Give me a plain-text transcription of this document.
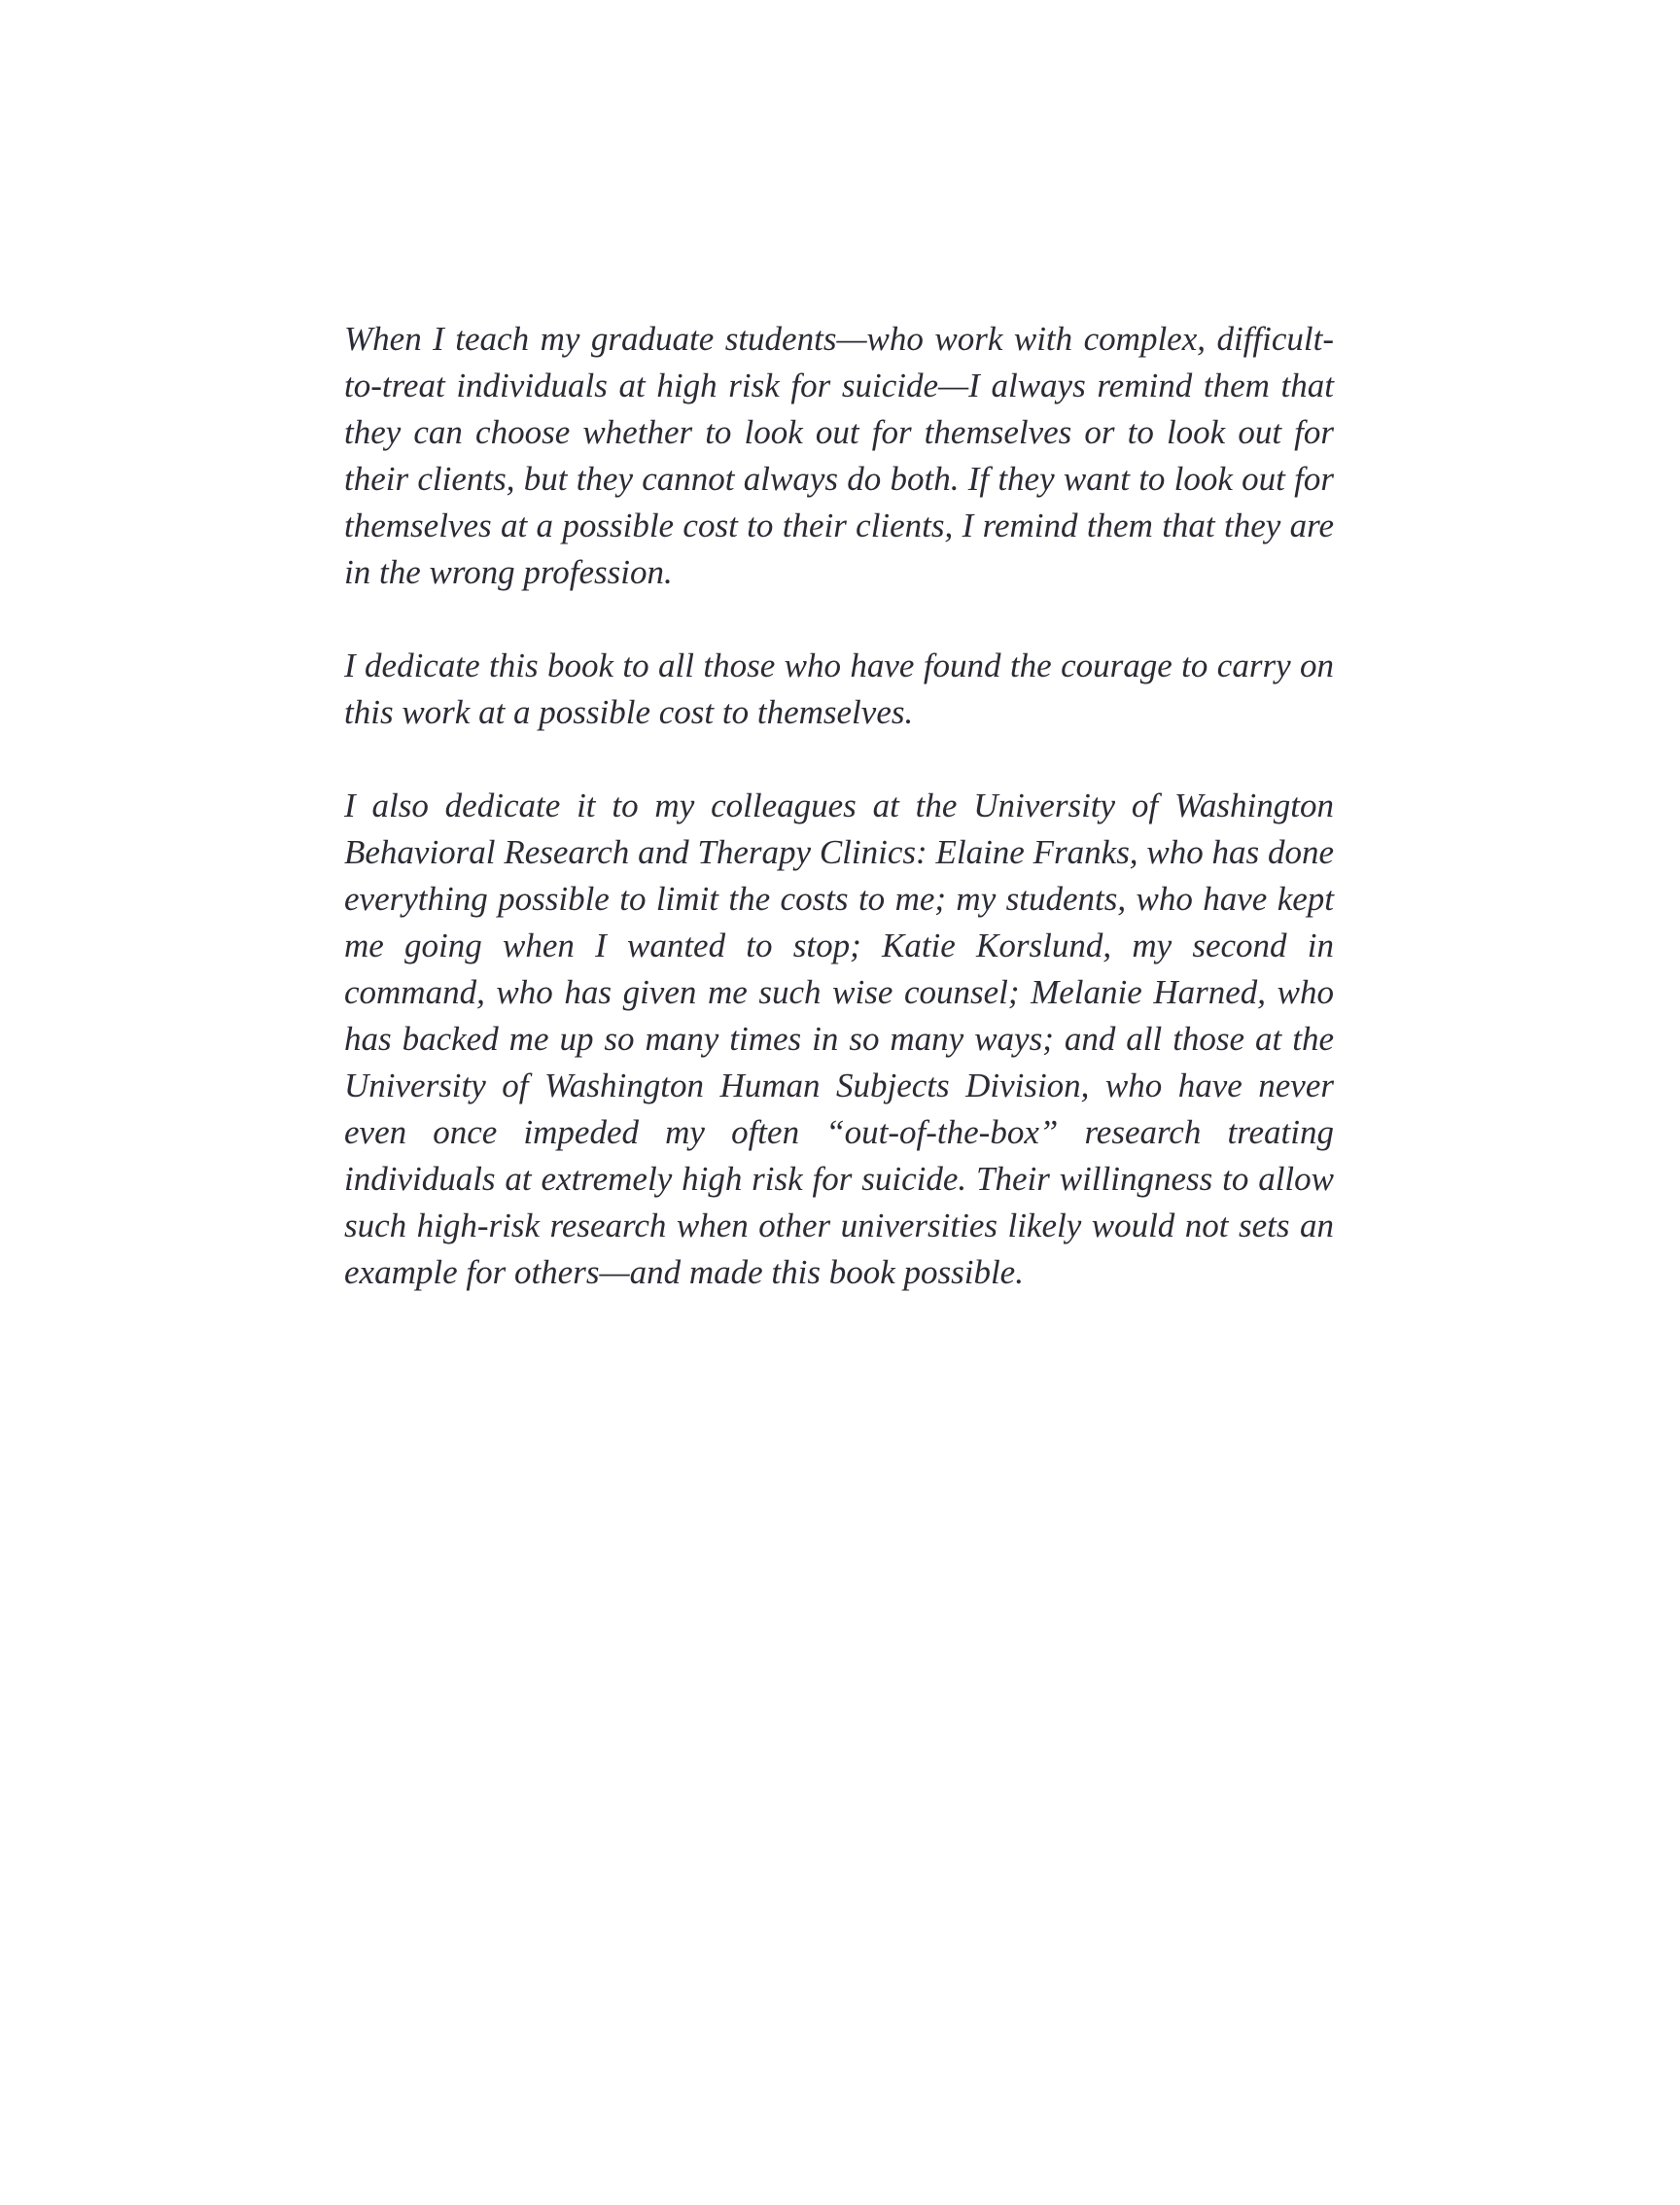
When I teach my graduate students—who work with complex, difficult-to-treat individuals at high risk for suicide—I always remind them that they can choose whether to look out for themselves or to look out for their clients, but they cannot always do both. If they want to look out for themselves at a possible cost to their clients, I remind them that they are in the wrong profession.

I dedicate this book to all those who have found the courage to carry on this work at a possible cost to themselves.

I also dedicate it to my colleagues at the University of Washington Behavioral Research and Therapy Clinics: Elaine Franks, who has done everything possible to limit the costs to me; my students, who have kept me going when I wanted to stop; Katie Korslund, my second in command, who has given me such wise counsel; Melanie Harned, who has backed me up so many times in so many ways; and all those at the University of Washington Human Subjects Division, who have never even once impeded my often “out-of-the-box” research treating individuals at extremely high risk for suicide. Their willingness to allow such high-risk research when other universities likely would not sets an example for others—and made this book possible.
